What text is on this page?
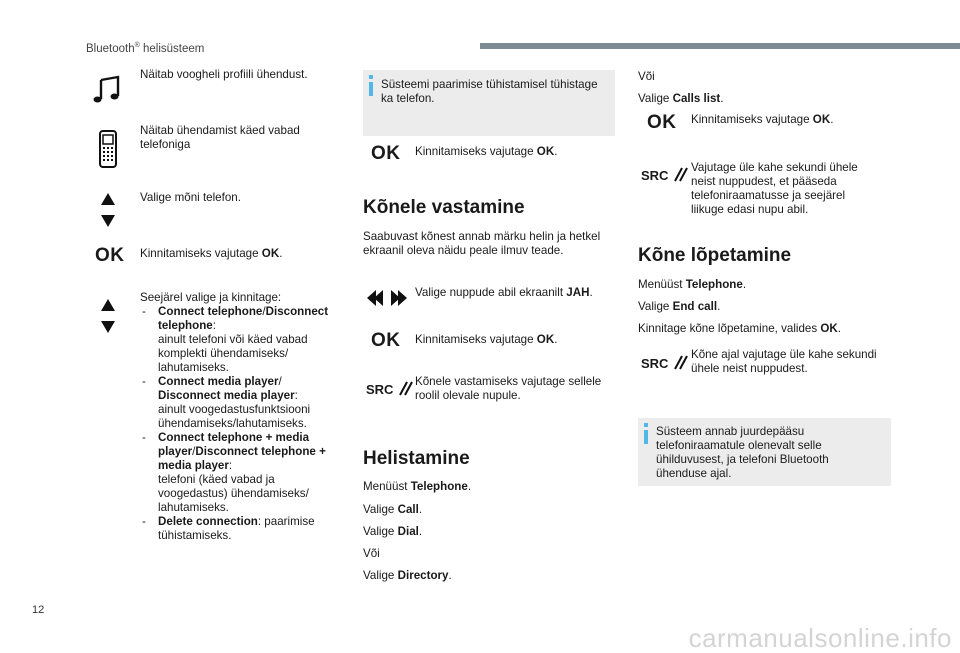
Bluetooth® helisüsteem
Näitab voogheli profiili ühendust.
Näitab ühendamist käed vabad
telefoniga
Valige mõni telefon.
OK Kinnitamiseks vajutage OK.
Seejärel valige ja kinnitage:
- Connect telephone/Disconnect telephone:
ainult telefoni või käed vabad
komplekti ühendamiseks/
lahutamiseks.
- Connect media player/
Disconnect media player:
ainult voogedastusfunktsiooni
ühendamiseks/lahutamiseks.
- Connect telephone + media player/Disconnect telephone + media player:
telefoni (käed vabad ja
voogedastus) ühendamiseks/
lahutamiseks.
- Delete connection: paarimise
tühistamiseks.
Süsteemi paarimise tühistamisel tühistage
ka telefon.
OK Kinnitamiseks vajutage OK.
Kõnele vastamine
Saabuvast kõnest annab märku helin ja hetkel
ekraanil oleva näidu peale ilmuv teade.
Valige nuppude abil ekraanilt JAH.
OK Kinnitamiseks vajutage OK.
SRC
Kõnele vastamiseks vajutage sellele
roolil olevale nupule.
Helistamine
Menüüst Telephone.
Valige Call.
Valige Dial.
Või
Valige Directory.
Või
Valige Calls list.
OK Kinnitamiseks vajutage OK.
SRC
Vajutage üle kahe sekundi ühele
neist nuppudest, et pääseda
telefoniraamatusse ja seejärel
liikuge edasi nupu abil.
Kõne lõpetamine
Menüüst Telephone.
Valige End call.
Kinnitage kõne lõpetamine, valides OK.
SRC
Kõne ajal vajutage üle kahe sekundi
ühele neist nuppudest.
Süsteem annab juurdepääsu
telefoniraamatule olenevalt selle
ühilduvusest, ja telefoni Bluetooth
ühenduse ajal.
12
carmanualsonline.info
